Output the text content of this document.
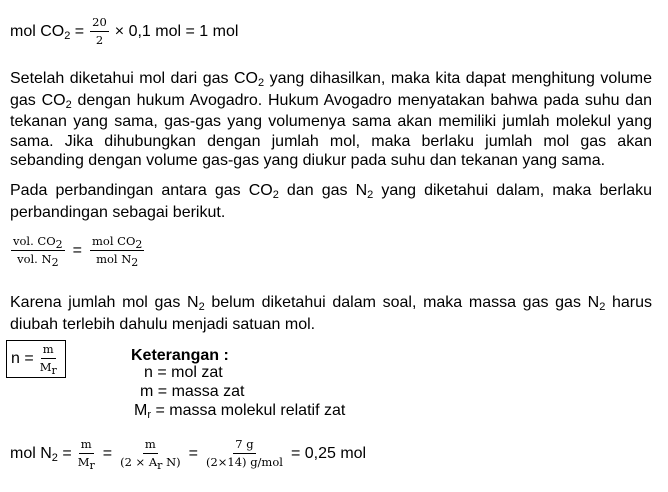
mol $CO2 = \frac{20}{2} \times 0,1$ mol = 1 mol
Setelah diketahui mol dari gas CO2 yang dihasilkan, maka kita dapat menghitung volume gas CO2 dengan hukum Avogadro. Hukum Avogadro menyatakan bahwa pada suhu dan tekanan yang sama, gas-gas yang volumenya sama akan memiliki jumlah molekul yang sama. Jika dihubungkan dengan jumlah mol, maka berlaku jumlah mol gas akan sebanding dengan volume gas-gas yang diukur pada suhu dan tekanan yang sama.
Pada perbandingan antara gas CO2 dan gas N2 yang diketahui dalam, maka berlaku perbandingan sebagai berikut.
$\frac{\text{vol. CO2}}{\text{vol. N2}} = \frac{\text{mol CO2}}{\text{mol N2}}$
Karena jumlah mol gas N2 belum diketahui dalam soal, maka massa gas gas N2 harus diubah terlebih dahulu menjadi satuan mol.
$n = \frac{m}{Mr}$	Keterangan :
n = mol zat
m = massa zat
Mr = massa molekul relatif zat
mol $N2 = \frac{m}{Mr} = \frac{m}{\text{(2 × Ar N)}} = \frac{7 g}{\text{(2×14) g/mol}} = 0,25$ mol
